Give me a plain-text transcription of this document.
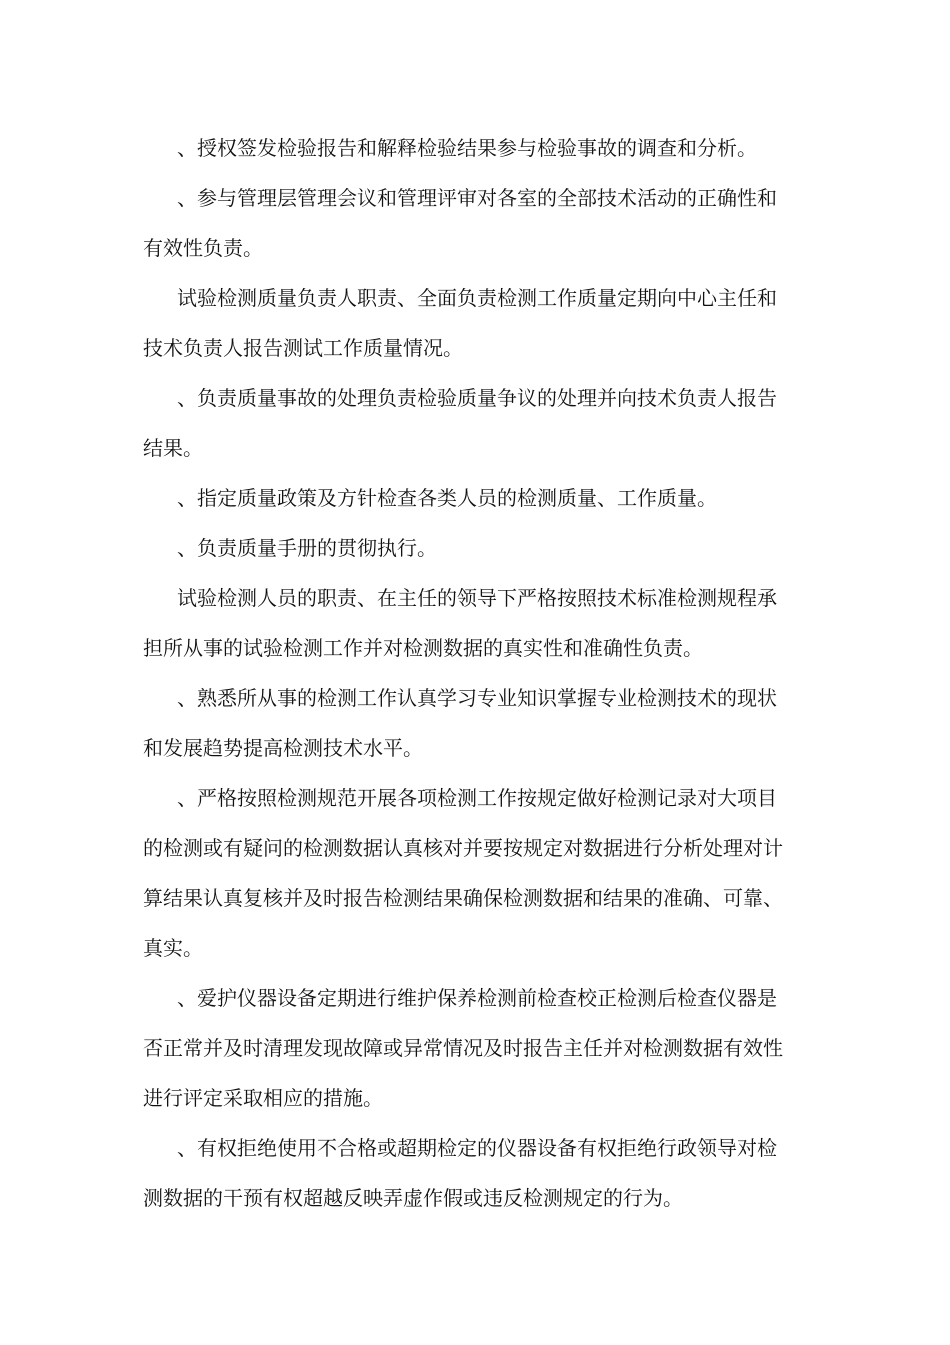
、授权签发检验报告和解释检验结果参与检验事故的调查和分析。

、参与管理层管理会议和管理评审对各室的全部技术活动的正确性和有效性负责。

试验检测质量负责人职责、全面负责检测工作质量定期向中心主任和技术负责人报告测试工作质量情况。

、负责质量事故的处理负责检验质量争议的处理并向技术负责人报告结果。

、指定质量政策及方针检查各类人员的检测质量、工作质量。

、负责质量手册的贯彻执行。

试验检测人员的职责、在主任的领导下严格按照技术标准检测规程承担所从事的试验检测工作并对检测数据的真实性和准确性负责。

、熟悉所从事的检测工作认真学习专业知识掌握专业检测技术的现状和发展趋势提高检测技术水平。

、严格按照检测规范开展各项检测工作按规定做好检测记录对大项目的检测或有疑问的检测数据认真核对并要按规定对数据进行分析处理对计算结果认真复核并及时报告检测结果确保检测数据和结果的准确、可靠、真实。

、爱护仪器设备定期进行维护保养检测前检查校正检测后检查仪器是否正常并及时清理发现故障或异常情况及时报告主任并对检测数据有效性进行评定采取相应的措施。

、有权拒绝使用不合格或超期检定的仪器设备有权拒绝行政领导对检测数据的干预有权超越反映弄虚作假或违反检测规定的行为。
